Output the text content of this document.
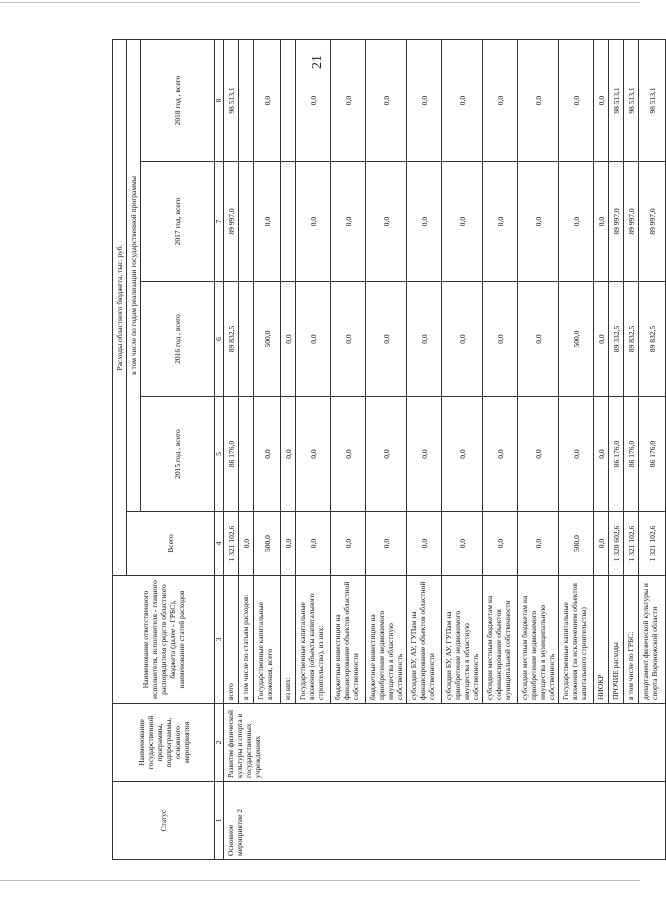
21
Статус	Наименование государственной программы, подпрограммы, основного мероприятия	Наименование ответственного исполнителя, исполнителя - главного распорядителя средств областного бюджета (далее - ГРБС), наименование статей расходов	Расходы областного бюджета, тыс. руб.				
			Всего	в том числе по годам реализации государственной программы			
				2015 год , всего	2016 год , всего	2017 год, всего	2018 год , всего
1	2	3	4	5	6	7	8
Основное мероприятие 2	Развитие физической культуры и спорта в государственных учреждениях	всего	1 321 102,6	86 176,0	89 832,5	89 997,0	98 513,1
		в том числе по статьям расходов:	0,0				
		Государственные капитальные вложения, всего	500,0	0,0	500,0	0,0	0,0
		из них:	0,0	0,0	0,0		
		Государственные капитальные вложения (объекты капитального строительства), из них:	0,0	0,0	0,0	0,0	0,0
		бюджетные инвестиции на финансирование объектов областной собственности	0,0	0,0	0,0	0,0	0,0
		бюджетные инвестиции на приобретение недвижимого имущества в областную собственность	0,0	0,0	0,0	0,0	0,0
		субсидии БУ, АУ, ГУПам на финансирование объектов областной собственности	0,0	0,0	0,0	0,0	0,0
		субсидии БУ, АУ, ГУПам на приобретение недвижимого имущества в областную собственность	0,0	0,0	0,0	0,0	0,0
		субсидии местным бюджетам на софинансирование объектов муниципальной собственности	0,0	0,0	0,0	0,0	0,0
		субсидии местным бюджетам на приобретение недвижимого имущества в муниципальную собственность	0,0	0,0	0,0	0,0	0,0
		Государственные капитальные вложения (за исключением объектов капитального строительства)	500,0	0,0	500,0	0,0	0,0
		НИОКР	0,0	0,0	0,0	0,0	0,0
		ПРОЧИЕ расходы	1 320 602,6	86 176,0	89 332,5	89 997,0	98 513,1
		в том числе по ГРБС:	1 321 102,6	86 176,0	89 832,5	89 997,0	98 513,1
		департамент физической культуры и спорта Воронежской области	1 321 102,6	86 176,0	89 832,5	89 997,0	98 513,1
